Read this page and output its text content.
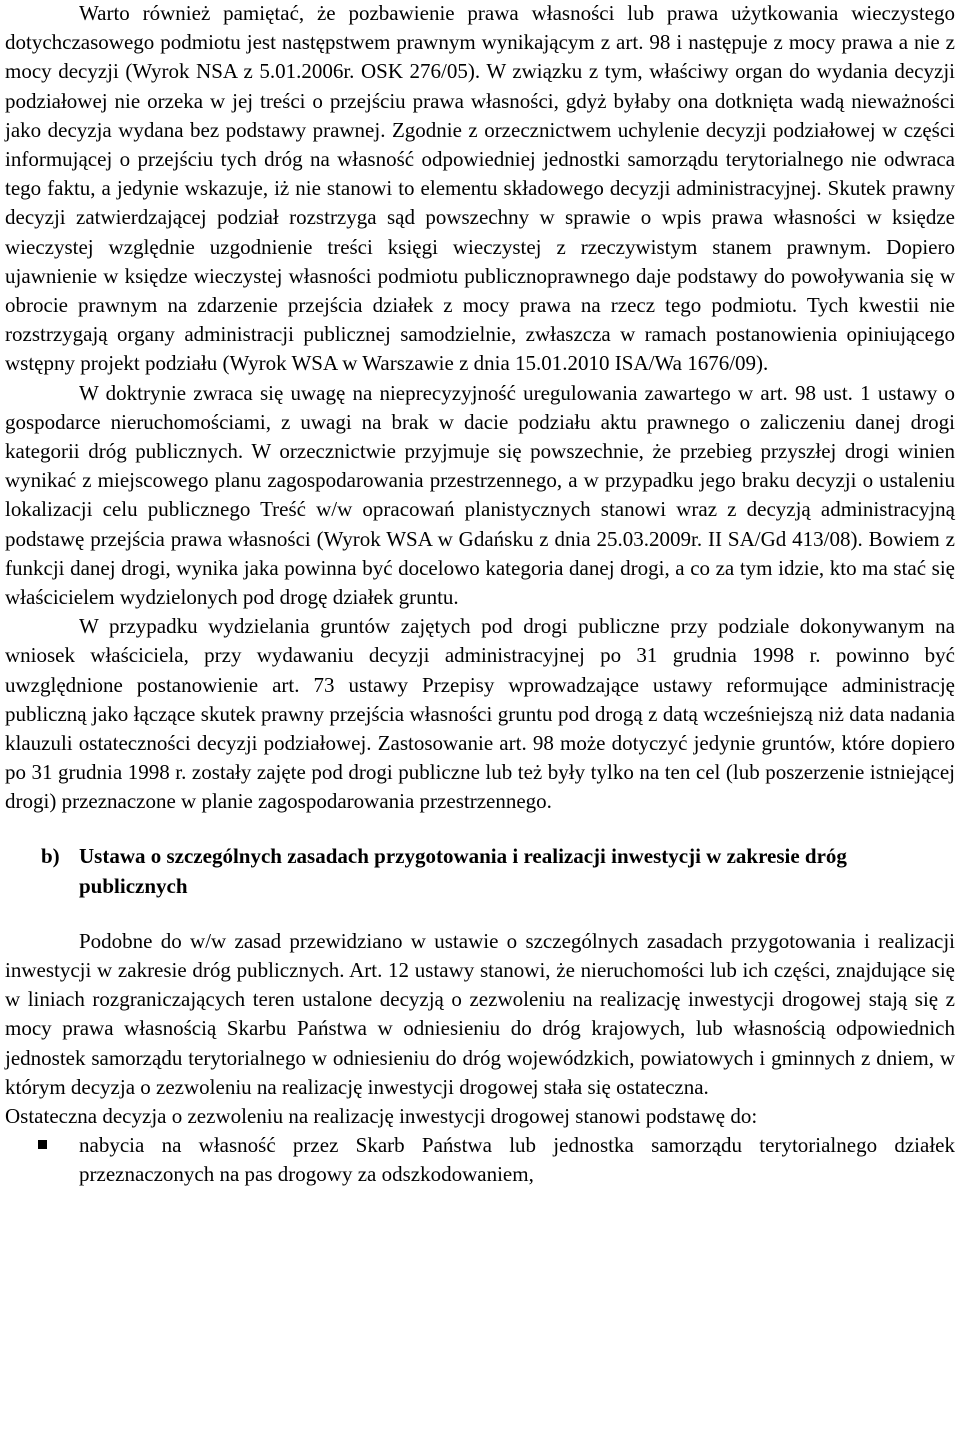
Warto również pamiętać, że pozbawienie prawa własności lub prawa użytkowania wieczystego dotychczasowego podmiotu jest następstwem prawnym wynikającym z art. 98 i następuje z mocy prawa a nie z mocy decyzji (Wyrok NSA z 5.01.2006r. OSK 276/05). W związku z tym, właściwy organ do wydania decyzji podziałowej nie orzeka w jej treści o przejściu prawa własności, gdyż byłaby ona dotknięta wadą nieważności jako decyzja wydana bez podstawy prawnej. Zgodnie z orzecznictwem uchylenie decyzji podziałowej w części informującej o przejściu tych dróg na własność odpowiedniej jednostki samorządu terytorialnego nie odwraca tego faktu, a jedynie wskazuje, iż nie stanowi to elementu składowego decyzji administracyjnej. Skutek prawny decyzji zatwierdzającej podział rozstrzyga sąd powszechny w sprawie o wpis prawa własności w księdze wieczystej względnie uzgodnienie treści księgi wieczystej z rzeczywistym stanem prawnym. Dopiero ujawnienie w księdze wieczystej własności podmiotu publicznoprawnego daje podstawy do powoływania się w obrocie prawnym na zdarzenie przejścia działek z mocy prawa na rzecz tego podmiotu. Tych kwestii nie rozstrzygają organy administracji publicznej samodzielnie, zwłaszcza w ramach postanowienia opiniującego wstępny projekt podziału (Wyrok WSA w Warszawie z dnia 15.01.2010 ISA/Wa 1676/09).

W doktrynie zwraca się uwagę na nieprecyzyjność uregulowania zawartego w art. 98 ust. 1 ustawy o gospodarce nieruchomościami, z uwagi na brak w dacie podziału aktu prawnego o zaliczeniu danej drogi kategorii dróg publicznych. W orzecznictwie przyjmuje się powszechnie, że przebieg przyszłej drogi winien wynikać z miejscowego planu zagospodarowania przestrzennego, a w przypadku jego braku decyzji o ustaleniu lokalizacji celu publicznego Treść w/w opracowań planistycznych stanowi wraz z decyzją administracyjną podstawę przejścia prawa własności (Wyrok WSA w Gdańsku z dnia 25.03.2009r. II SA/Gd 413/08). Bowiem z funkcji danej drogi, wynika jaka powinna być docelowo kategoria danej drogi, a co za tym idzie, kto ma stać się właścicielem wydzielonych pod drogę działek gruntu.

W przypadku wydzielania gruntów zajętych pod drogi publiczne przy podziale dokonywanym na wniosek właściciela, przy wydawaniu decyzji administracyjnej po 31 grudnia 1998 r. powinno być uwzględnione postanowienie art. 73 ustawy Przepisy wprowadzające ustawy reformujące administrację publiczną jako łączące skutek prawny przejścia własności gruntu pod drogą z datą wcześniejszą niż data nadania klauzuli ostateczności decyzji podziałowej. Zastosowanie art. 98 może dotyczyć jedynie gruntów, które dopiero po 31 grudnia 1998 r. zostały zajęte pod drogi publiczne lub też były tylko na ten cel (lub poszerzenie istniejącej drogi) przeznaczone w planie zagospodarowania przestrzennego.

b) Ustawa o szczególnych zasadach przygotowania i realizacji inwestycji w zakresie dróg publicznych

Podobne do w/w zasad przewidziano w ustawie o szczególnych zasadach przygotowania i realizacji inwestycji w zakresie dróg publicznych. Art. 12 ustawy stanowi, że nieruchomości lub ich części, znajdujące się w liniach rozgraniczających teren ustalone decyzją o zezwoleniu na realizację inwestycji drogowej stają się z mocy prawa własnością Skarbu Państwa w odniesieniu do dróg krajowych, lub własnością odpowiednich jednostek samorządu terytorialnego w odniesieniu do dróg wojewódzkich, powiatowych i gminnych z dniem, w którym decyzja o zezwoleniu na realizację inwestycji drogowej stała się ostateczna.

Ostateczna decyzja o zezwoleniu na realizację inwestycji drogowej stanowi podstawę do:

nabycia na własność przez Skarb Państwa lub jednostka samorządu terytorialnego działek przeznaczonych na pas drogowy za odszkodowaniem,
